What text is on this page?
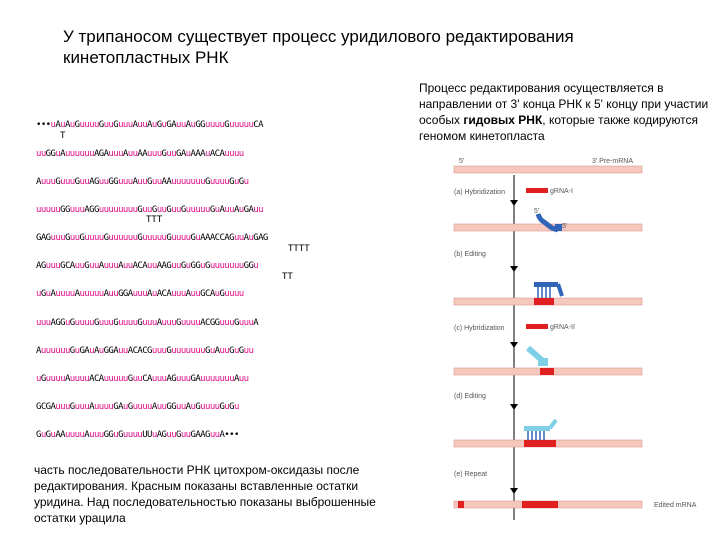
У трипаносом существует процесс уридилового редактирования кинетопластных РНК
Процесс редактирования осуществляется в направлении от 3' конца РНК к 5' концу при участии особых гидовых РНК, которые также кодируются геномом кинетопласта
•••uAuAuGuuuuGuuGuuuAuuAuGuGAuuAuGGuuuuGuuuuuCA
T
uuGGuAuuuuuuAGAuuuAuuAAuuuGuuGAuAAAuACAuuuu
AuuuGuuuGuuAGuuGGuuuAuuGuuAAuuuuuuuGuuuuGuGu
uuuuuGGuuuAGGuuuuuuuuGuuGuuGuuGuuuuuGuAuuAuGAuu
TTT
GAGuuuGuuGuuuuGuuuuuuGuuuuuGuuuuGuAAACCAGuuAuGAG
TTTT
AGuuuGCAuuGuuAuuuAuuACAuuAAGuuGuGGuGuuuuuuuGGu
TT
uGuAuuuuAuuuuuAuuGGAuuuAuACAuuuAuuGCAuGuuuu
uuuAGGuGuuuuGuuuGuuuuGuuuAuuuGuuuuACGGuuuGuuuA
AuuuuuuGuGAuAuGGAuuACACGuuuGuuuuuuuGuAuuGuGuu
uGuuuuAuuuuACAuuuuuGuuCAuuuAGuuuGAuuuuuuuAuu
GCGAuuuGuuuAuuuuGAuGuuuuAuuGGuuAuGuuuuGuGu
GuGuAAuuuuAuuuGGuGuuuuUUuAGuuGuuGAAGuuA•••
часть последовательности РНК цитохром-оксидазы после редактирования. Красным показаны вставленные остатки уридина. Над последовательностью показаны выброшенные остатки урацила
5'	3' Pre-mRNA
(a) Hybridization	gRNA-I
5'
5'
(b) Editing
(c) Hybridization	gRNA-II
(d) Editing
(e) Repeat
Edited mRNA
